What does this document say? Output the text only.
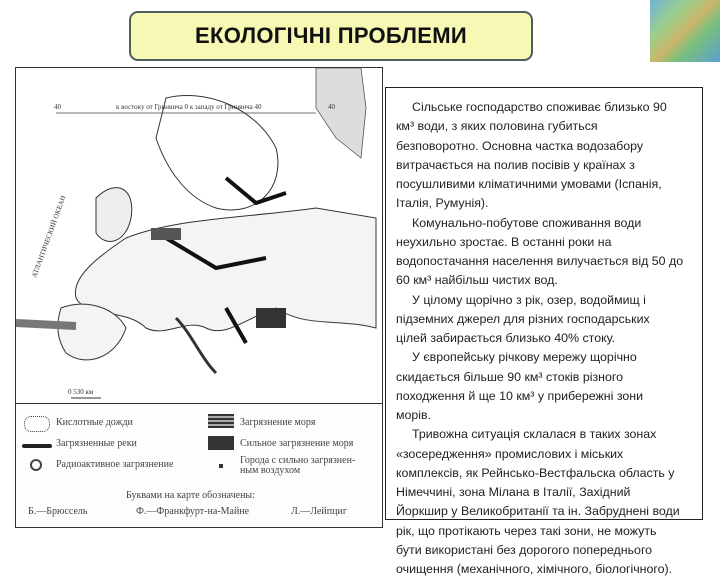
ЕКОЛОГІЧНІ ПРОБЛЕМИ
к востоку от Гринвича 0 к западу от Гринвича 40
40	40
АТЛАНТИЧЕСКИЙ ОКЕАН
0 530 км
Кислотные дожди
Загрязненные реки
Радиоактивное загрязнение
Загрязнение моря
Сильное загрязнение моря
Города с сильно загрязнен-ным воздухом
Буквами на карте обозначены:
Б.—Брюссель	Ф.—Франкфурт-на-Майне	Л.—Лейпциг
Сільське господарство споживає близько 90
км³ води, з яких половина губиться
безповоротно. Основна частка водозабору
витрачається на полив посівів у країнах з
посушливими кліматичними умовами (Іспанія,
Італія, Румунія).
Комунально-побутове споживання води
неухильно зростає. В останні роки на
водопостачання населення вилучається від 50 до
60 км³ найбільш чистих вод.
У цілому щорічно з рік, озер, водоймищ і
підземних джерел для різних господарських
цілей забирається близько 40% стоку.
У європейську річкову мережу щорічно
скидається більше 90 км³ стоків різного
походження й ще 10 км³ у прибережні зони
морів.
Тривожна ситуація склалася в таких зонах
«зосередження» промислових і міських
комплексів, як Рейнсько-Вестфальска область у
Німеччині, зона Мілана в Італії, Західний
Йоркшир у Великобританії та ін. Забруднені води
рік, що протікають через такі зони, не можуть
бути використані без дорогого попереднього
очищення (механічного, хімічного, біологічного).
